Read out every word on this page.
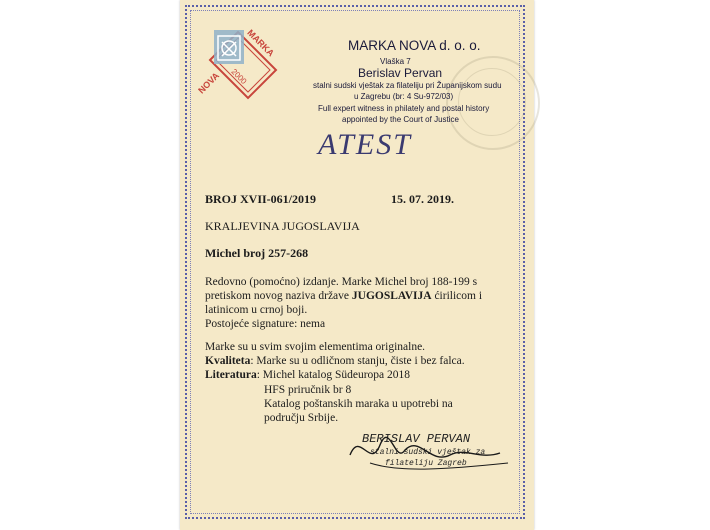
MARKA
NOVA 2000
MARKA NOVA d. o. o.
Vlaška 7
Berislav Pervan
stalni sudski vještak za filateliju pri Županijskom sudu
u Zagrebu (br: 4 Su-972/03)
Full expert witness in philately and postal history
appointed by the Court of Justice
ATEST
BROJ XVII-061/2019	15. 07. 2019.
KRALJEVINA JUGOSLAVIJA
Michel broj 257-268
Redovno (pomoćno) izdanje. Marke Michel broj 188-199 s
pretiskom novog naziva države JUGOSLAVIJA ćirilicom i
latinicom u crnoj boji.
Postojeće signature: nema
Marke su u svim svojim elementima originalne.
Kvaliteta: Marke su u odličnom stanju, čiste i bez falca.
Literatura: Michel katalog Südeuropa 2018
HFS priručnik br 8
Katalog poštanskih maraka u upotrebi na
području Srbije.
BERISLAV PERVAN
stalni sudski vještak za
filateliju Zagreb
